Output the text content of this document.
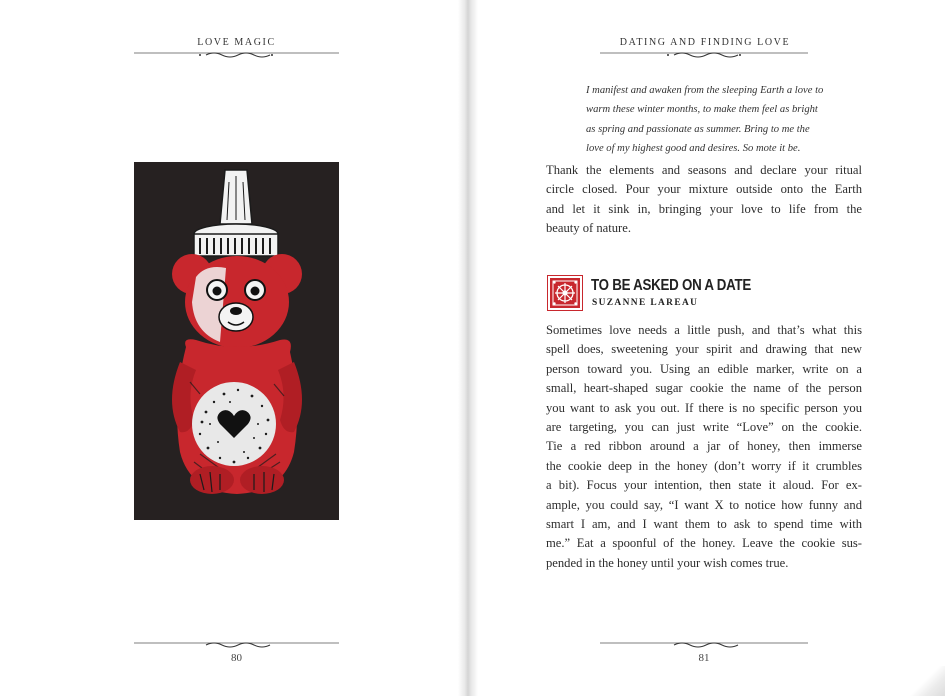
LOVE MAGIC
80
DATING AND FINDING LOVE
I manifest and awaken from the sleeping Earth a love to
warm these winter months, to make them feel as bright
as spring and passionate as summer. Bring to me the
love of my highest good and desires. So mote it be.
Thank the elements and seasons and declare your ritual
circle closed. Pour your mixture outside onto the Earth
and let it sink in, bringing your love to life from the
beauty of nature.
TO BE ASKED ON A DATE
SUZANNE LAREAU
Sometimes love needs a little push, and that’s what this
spell does, sweetening your spirit and drawing that new
person toward you. Using an edible marker, write on a
small, heart-shaped sugar cookie the name of the person
you want to ask you out. If there is no specific person you
are targeting, you can just write “Love” on the cookie.
Tie a red ribbon around a jar of honey, then immerse
the cookie deep in the honey (don’t worry if it crumbles
a bit). Focus your intention, then state it aloud. For ex-
ample, you could say, “I want X to notice how funny and
smart I am, and I want them to ask to spend time with
me.” Eat a spoonful of the honey. Leave the cookie sus-
pended in the honey until your wish comes true.
81
